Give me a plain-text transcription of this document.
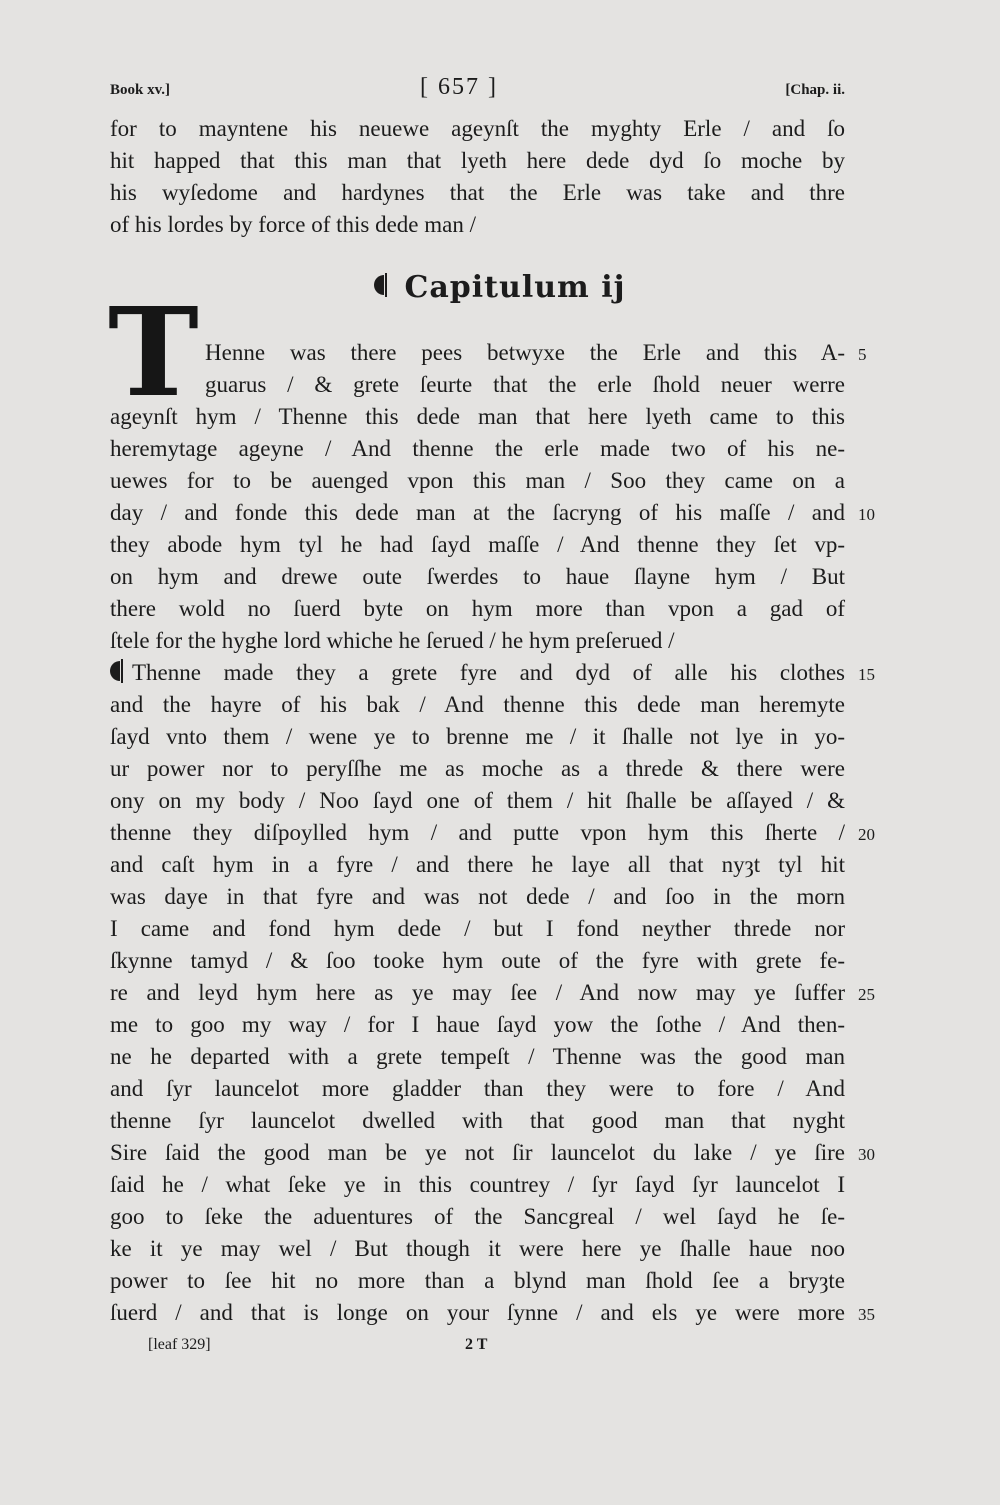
Book xv.]	[ 657 ]	[Chap. ii.
for to mayntene his neuewe ageynſt the myghty Erle / and ſo
hit happed that this man that lyeth here dede dyd ſo moche by
his wyſedome and hardynes that the Erle was take and thre
of his lordes by force of this dede man /
Capitulum ij
T Henne was there pees betwyxe the Erle and this A-
guarus / & grete ſeurte that the erle ſhold neuer werre
ageynſt hym / Thenne this dede man that here lyeth came to this
heremytage ageyne / And thenne the erle made two of his ne-
uewes for to be auenged vpon this man / Soo they came on a
day / and fonde this dede man at the ſacryng of his maſſe / and
they abode hym tyl he had ſayd maſſe / And thenne they ſet vp-
on hym and drewe oute ſwerdes to haue ſlayne hym / But
there wold no ſuerd byte on hym more than vpon a gad of
ſtele for the hyghe lord whiche he ſerued / he hym preſerued /
Thenne made they a grete fyre and dyd of alle his clothes
and the hayre of his bak / And thenne this dede man heremyte
ſayd vnto them / wene ye to brenne me / it ſhalle not lye in yo-
ur power nor to peryſſhe me as moche as a threde & there were
ony on my body / Noo ſayd one of them / hit ſhalle be aſſayed / &
thenne they diſpoylled hym / and putte vpon hym this ſherte /
and caſt hym in a fyre / and there he laye all that nyȝt tyl hit
was daye in that fyre and was not dede / and ſoo in the morn
I came and fond hym dede / but I fond neyther threde nor
ſkynne tamyd / & ſoo tooke hym oute of the fyre with grete fe-
re and leyd hym here as ye may ſee / And now may ye ſuffer
me to goo my way / for I haue ſayd yow the ſothe / And then-
ne he departed with a grete tempeſt / Thenne was the good man
and ſyr launcelot more gladder than they were to fore / And
thenne ſyr launcelot dwelled with that good man that nyght
Sire ſaid the good man be ye not ſir launcelot du lake / ye ſire
ſaid he / what ſeke ye in this countrey / ſyr ſayd ſyr launcelot I
goo to ſeke the aduentures of the Sancgreal / wel ſayd he ſe-
ke it ye may wel / But though it were here ye ſhalle haue noo
power to ſee hit no more than a blynd man ſhold ſee a bryȝte
ſuerd / and that is longe on your ſynne / and els ye were more
5
10
15
20
25
30
35
[leaf 329]	2 T
